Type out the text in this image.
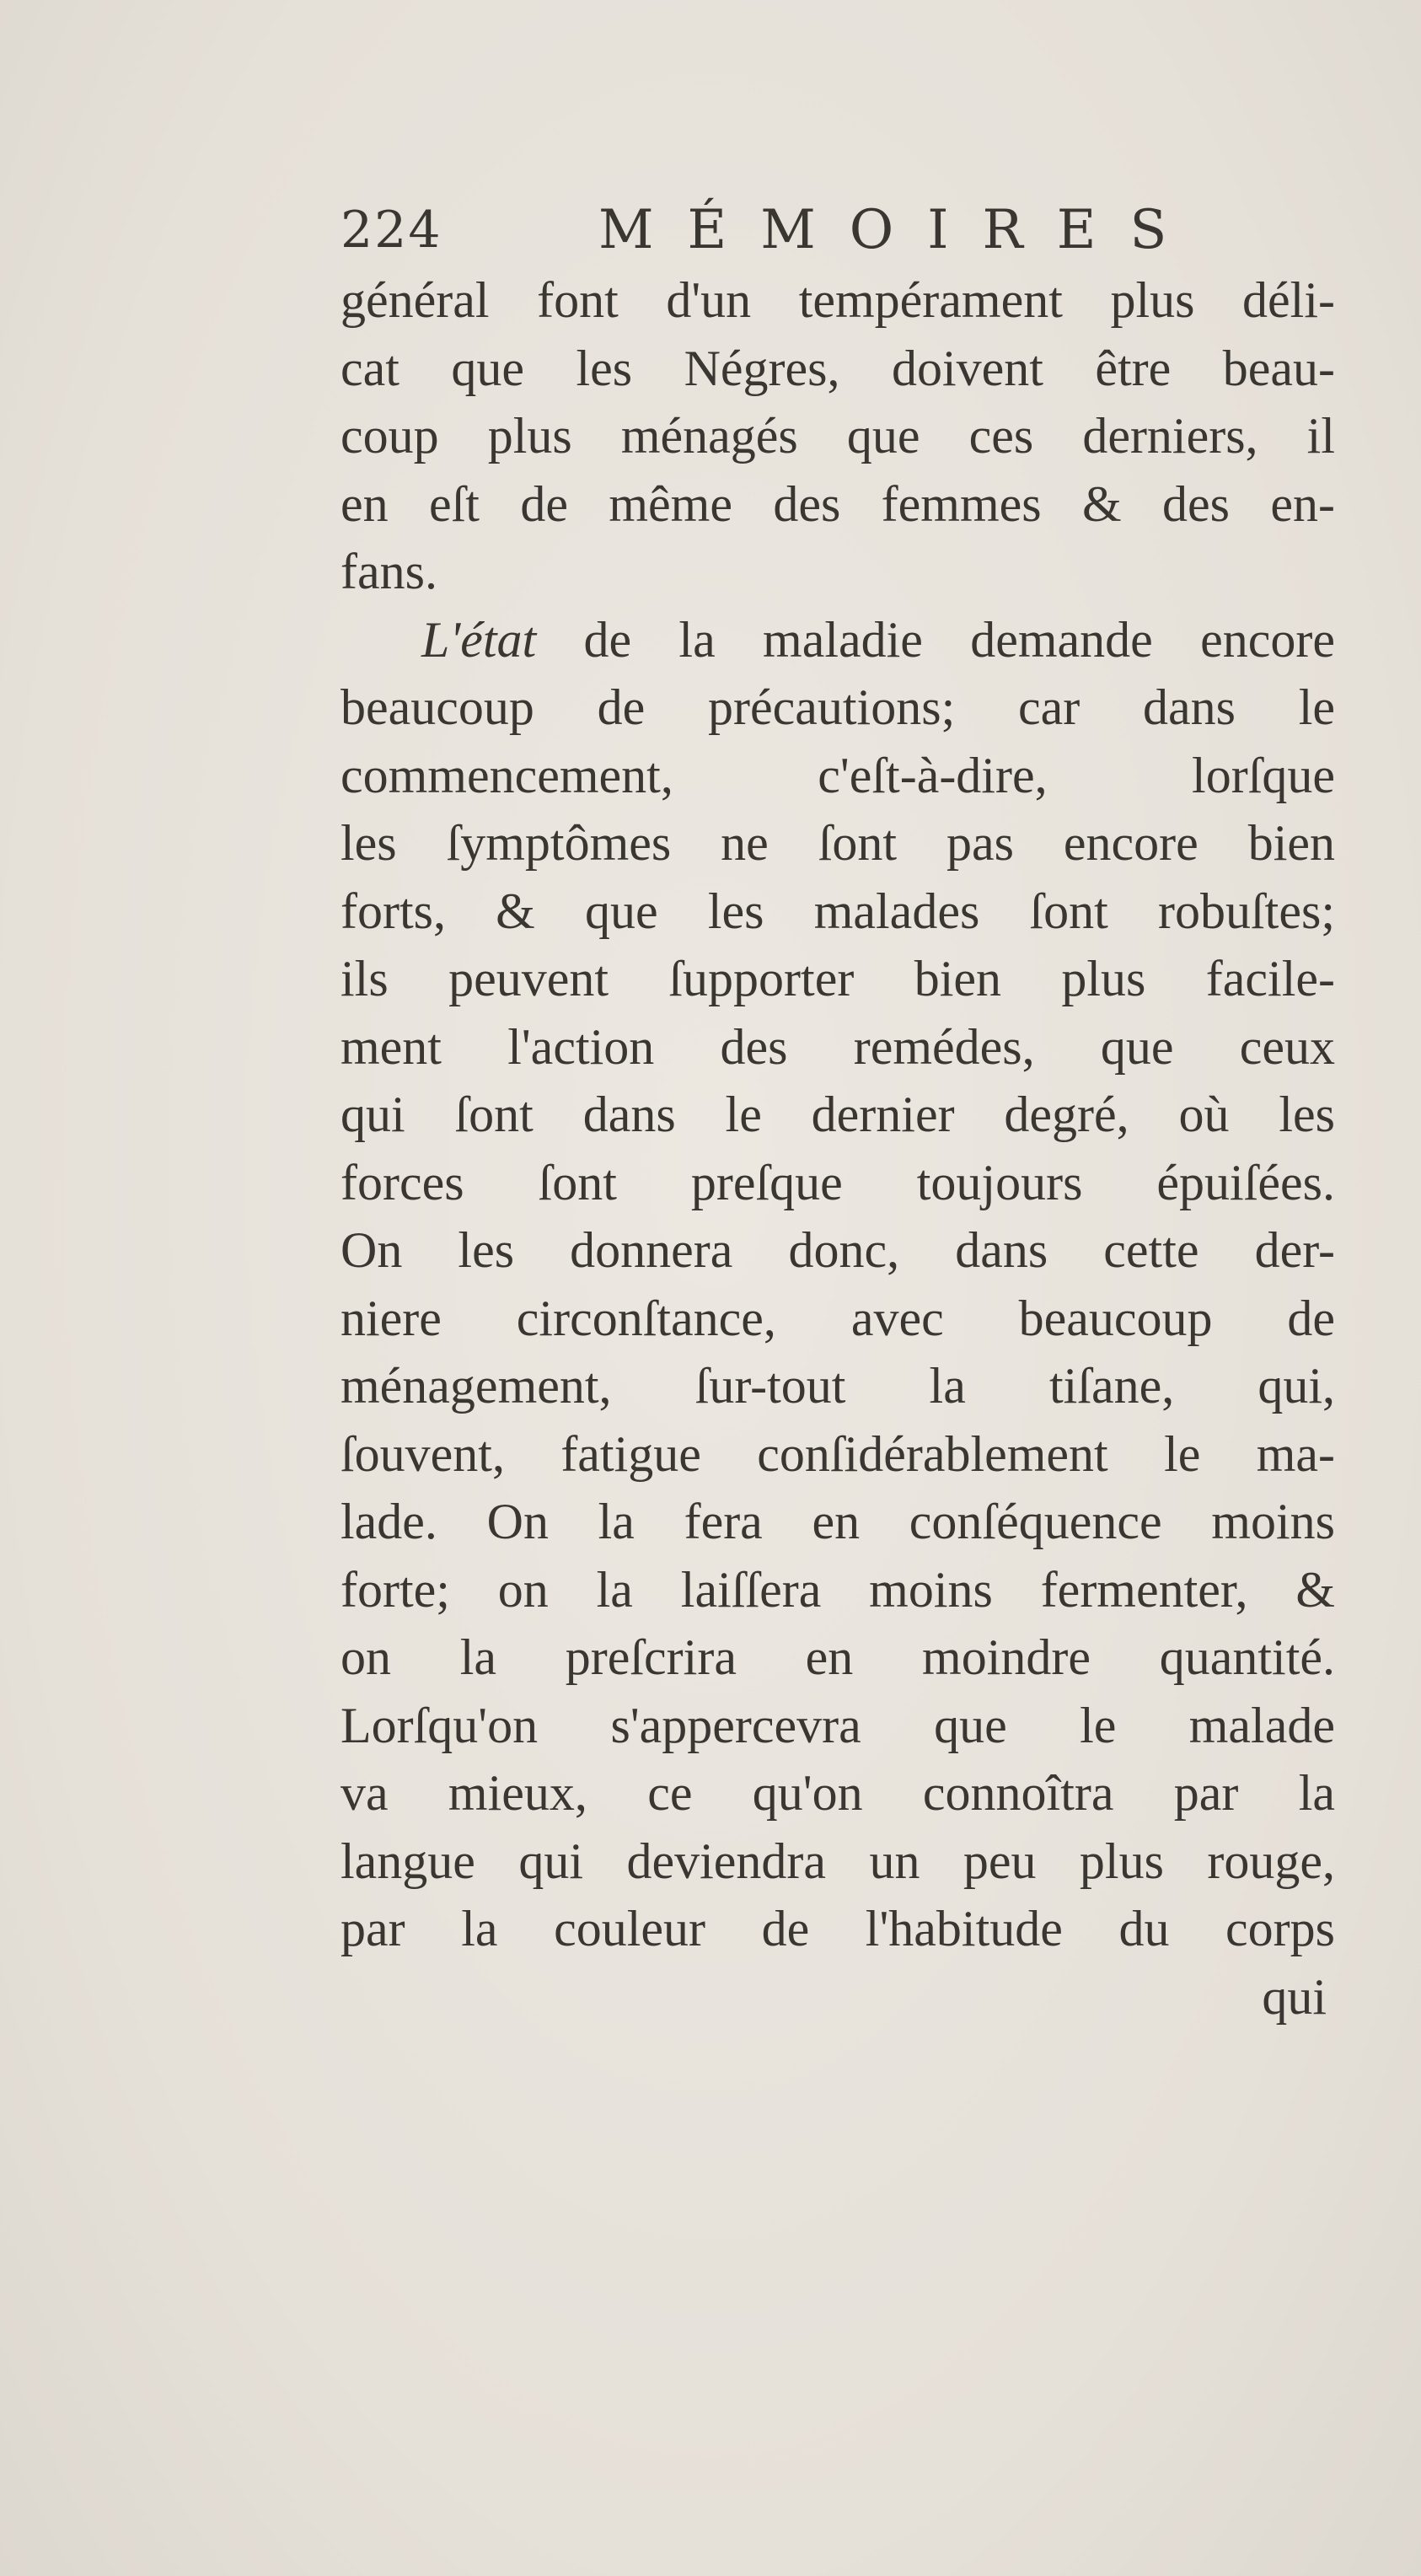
224	MÉMOIRES
général font d'un tempérament plus déli-
cat que les Négres, doivent être beau-
coup plus ménagés que ces derniers, il
en eſt de même des femmes & des en-
fans.
L'état de la maladie demande encore
beaucoup de précautions; car dans le
commencement, c'eſt-à-dire, lorſque
les ſymptômes ne ſont pas encore bien
forts, & que les malades ſont robuſtes;
ils peuvent ſupporter bien plus facile-
ment l'action des remédes, que ceux
qui ſont dans le dernier degré, où les
forces ſont preſque toujours épuiſées.
On les donnera donc, dans cette der-
niere circonſtance, avec beaucoup de
ménagement, ſur-tout la tiſane, qui,
ſouvent, fatigue conſidérablement le ma-
lade. On la fera en conſéquence moins
forte; on la laiſſera moins fermenter, &
on la preſcrira en moindre quantité.
Lorſqu'on s'appercevra que le malade
va mieux, ce qu'on connoîtra par la
langue qui deviendra un peu plus rouge,
par la couleur de l'habitude du corps
qui
